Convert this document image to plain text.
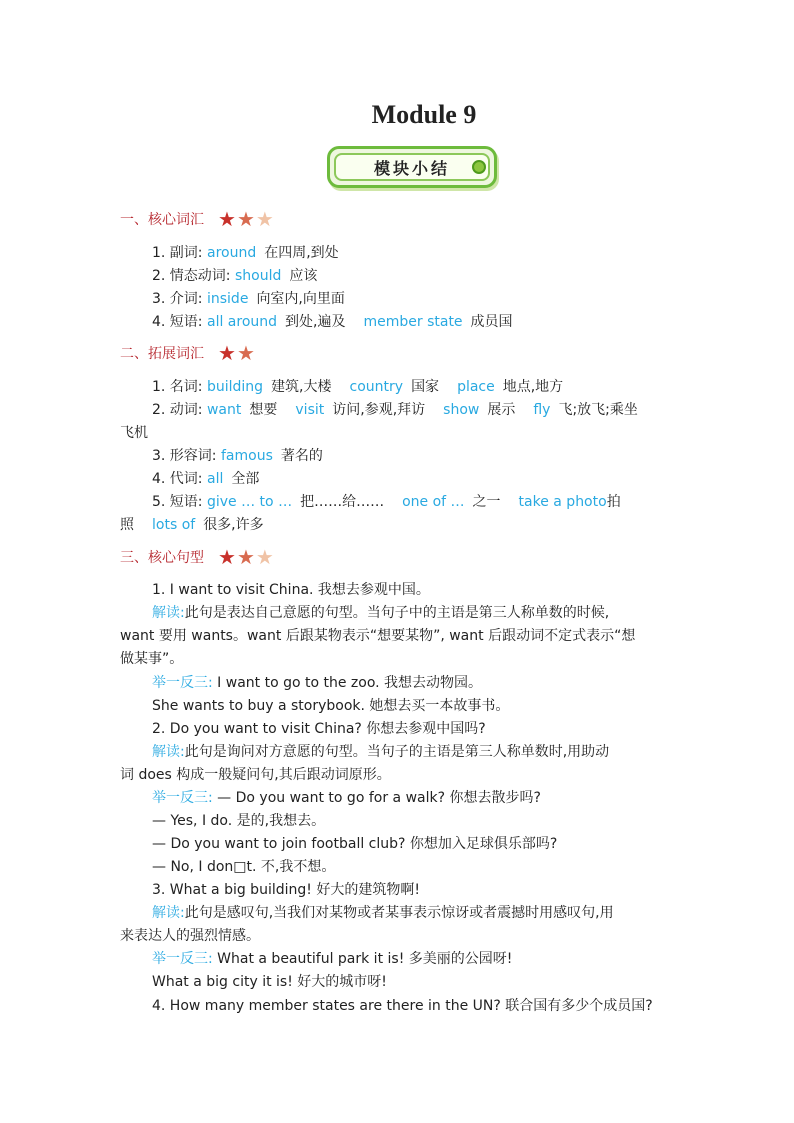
Module 9
模块小结
一、核心词汇 ★ ★ ★
1. 副词: around 在四周,到处
2. 情态动词: should 应该
3. 介词: inside 向室内,向里面
4. 短语: all around 到处,遍及 member state 成员国
二、拓展词汇 ★ ★
1. 名词: building 建筑,大楼 country 国家 place 地点,地方
2. 动词: want 想要 visit 访问,参观,拜访 show 展示 fly 飞;放飞;乘坐
飞机
3. 形容词: famous 著名的
4. 代词: all 全部
5. 短语: give … to … 把……给…… one of … 之一 take a photo拍
照 lots of 很多,许多
三、核心句型 ★ ★ ★
1. I want to visit China. 我想去参观中国。
解读:此句是表达自己意愿的句型。当句子中的主语是第三人称单数的时候,
want 要用 wants。want 后跟某物表示“想要某物”, want 后跟动词不定式表示“想
做某事”。
举一反三: I want to go to the zoo. 我想去动物园。
She wants to buy a storybook. 她想去买一本故事书。
2. Do you want to visit China? 你想去参观中国吗?
解读:此句是询问对方意愿的句型。当句子的主语是第三人称单数时,用助动
词 does 构成一般疑问句,其后跟动词原形。
举一反三: — Do you want to go for a walk? 你想去散步吗?
— Yes, I do. 是的,我想去。
— Do you want to join football club? 你想加入足球俱乐部吗?
— No, I don□t. 不,我不想。
3. What a big building! 好大的建筑物啊!
解读:此句是感叹句,当我们对某物或者某事表示惊讶或者震撼时用感叹句,用
来表达人的强烈情感。
举一反三: What a beautiful park it is! 多美丽的公园呀!
What a big city it is! 好大的城市呀!
4. How many member states are there in the UN? 联合国有多少个成员国?
